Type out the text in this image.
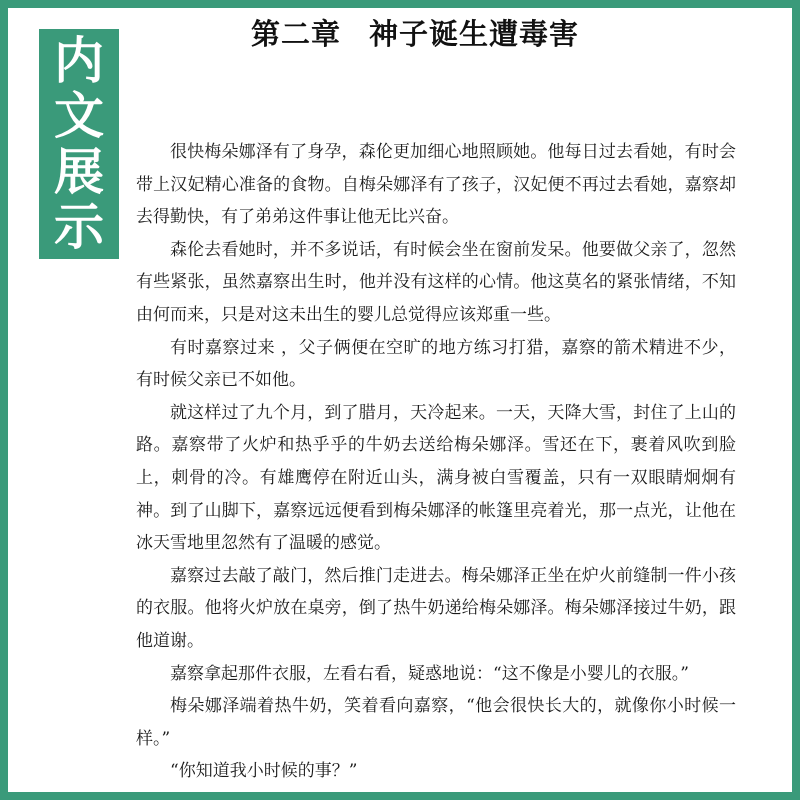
内
文
展
示
第二章 神子诞生遭毒害

很快梅朵娜泽有了身孕，森伦更加细心地照顾她。他每日过去看她，有时会带上汉妃精心准备的食物。自梅朵娜泽有了孩子，汉妃便不再过去看她，嘉察却去得勤快，有了弟弟这件事让他无比兴奋。

森伦去看她时，并不多说话，有时候会坐在窗前发呆。他要做父亲了，忽然有些紧张，虽然嘉察出生时，他并没有这样的心情。他这莫名的紧张情绪，不知由何而来，只是对这未出生的婴儿总觉得应该郑重一些。

有时嘉察过来 ，父子俩便在空旷的地方练习打猎，嘉察的箭术精进不少，有时候父亲已不如他。

就这样过了九个月，到了腊月，天冷起来。一天，天降大雪，封住了上山的路。嘉察带了火炉和热乎乎的牛奶去送给梅朵娜泽。雪还在下，裹着风吹到脸上，刺骨的冷。有雄鹰停在附近山头，满身被白雪覆盖，只有一双眼睛炯炯有神。到了山脚下，嘉察远远便看到梅朵娜泽的帐篷里亮着光，那一点光，让他在冰天雪地里忽然有了温暖的感觉。

嘉察过去敲了敲门，然后推门走进去。梅朵娜泽正坐在炉火前缝制一件小孩的衣服。他将火炉放在桌旁，倒了热牛奶递给梅朵娜泽。梅朵娜泽接过牛奶，跟他道谢。

嘉察拿起那件衣服，左看右看，疑惑地说：“这不像是小婴儿的衣服。”

梅朵娜泽端着热牛奶，笑着看向嘉察，“他会很快长大的，就像你小时候一样。”

“你知道我小时候的事？”
